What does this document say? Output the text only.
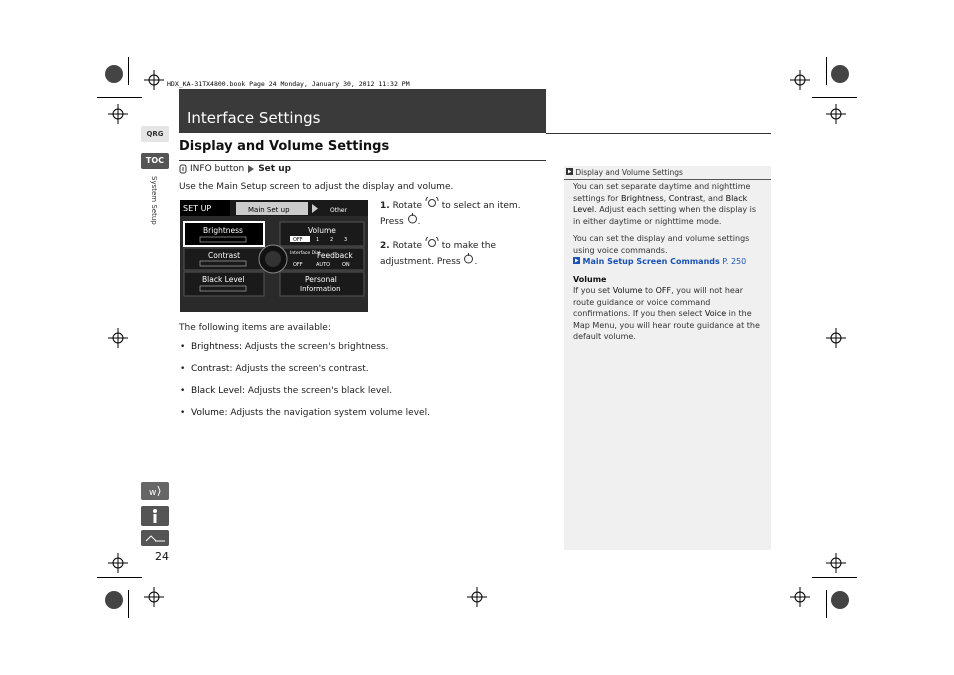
HDX_KA-31TX4800.book Page 24 Monday, January 30, 2012 11:32 PM
Interface Settings
QRG
TOC
System Setup
Display and Volume Settings
INFO button Set up
Use the Main Setup screen to adjust the display and volume.
SET UP	Main Set up	Other
Brightness	Volume
OFF	1 2 3
Contrast	Interface Dial
Feedback
OFF	AUTO ON
Black Level	Personal
Information

1. Rotate to select an item. Press .

2. Rotate to make the adjustment. Press .

The following items are available:
• Brightness: Adjusts the screen's brightness.
• Contrast: Adjusts the screen's contrast.
• Black Level: Adjusts the screen's black level.
• Volume: Adjusts the navigation system volume level.
Display and Volume Settings
You can set separate daytime and nighttime settings for Brightness, Contrast, and Black Level. Adjust each setting when the display is in either daytime or nighttime mode.
You can set the display and volume settings using voice commands.
Main Setup Screen Commands P. 250
Volume
If you set Volume to OFF, you will not hear route guidance or voice command confirmations. If you then select Voice in the Map Menu, you will hear route guidance at the default volume.
w
24
